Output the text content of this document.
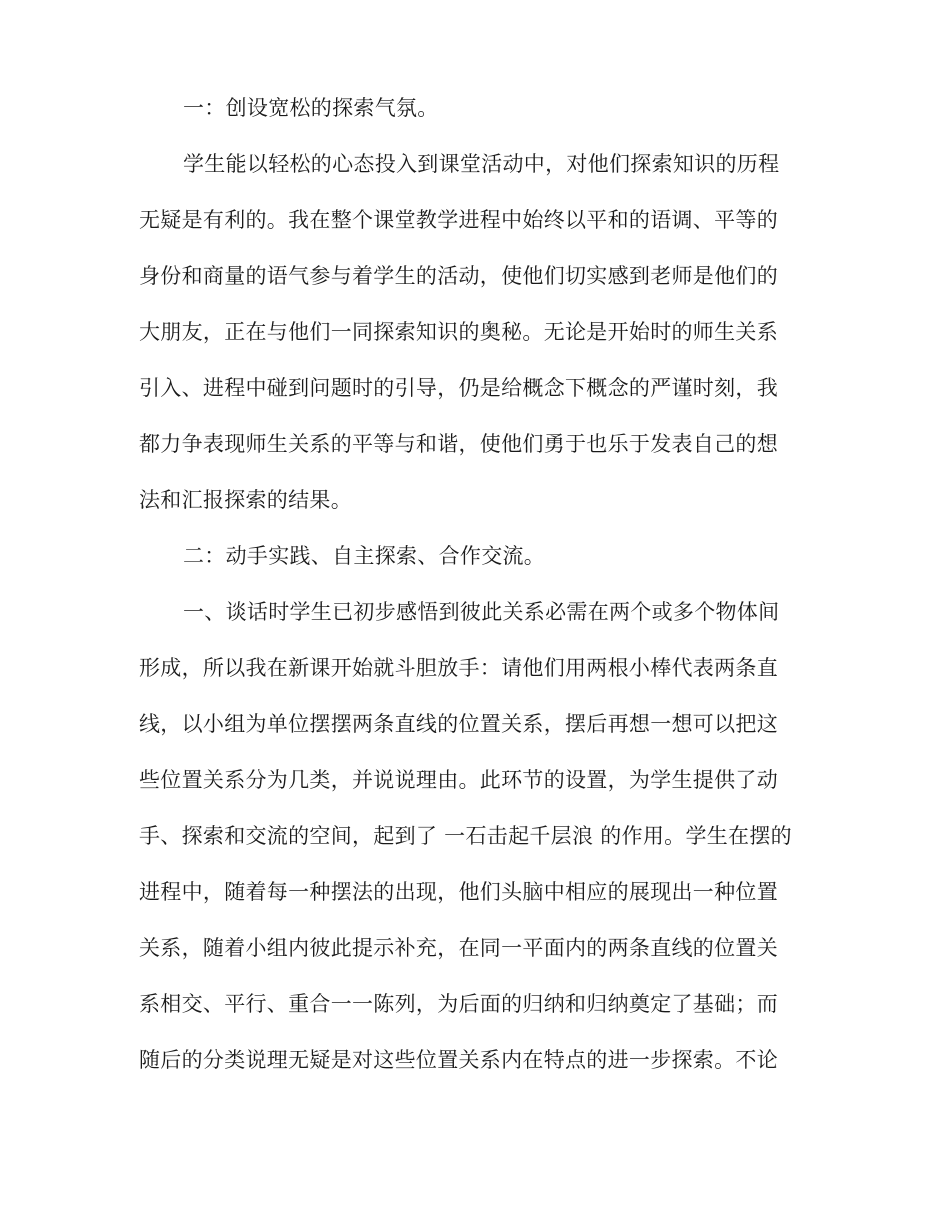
一：创设宽松的探索气氛。
学生能以轻松的心态投入到课堂活动中，对他们探索知识的历程
无疑是有利的。我在整个课堂教学进程中始终以平和的语调、平等的
身份和商量的语气参与着学生的活动，使他们切实感到老师是他们的
大朋友，正在与他们一同探索知识的奥秘。无论是开始时的师生关系
引入、进程中碰到问题时的引导，仍是给概念下概念的严谨时刻，我
都力争表现师生关系的平等与和谐，使他们勇于也乐于发表自己的想
法和汇报探索的结果。
二：动手实践、自主探索、合作交流。
一、谈话时学生已初步感悟到彼此关系必需在两个或多个物体间
形成，所以我在新课开始就斗胆放手：请他们用两根小棒代表两条直
线，以小组为单位摆摆两条直线的位置关系，摆后再想一想可以把这
些位置关系分为几类，并说说理由。此环节的设置，为学生提供了动
手、探索和交流的空间，起到了 一石击起千层浪 的作用。学生在摆的
进程中，随着每一种摆法的出现，他们头脑中相应的展现出一种位置
关系，随着小组内彼此提示补充，在同一平面内的两条直线的位置关
系相交、平行、重合一一陈列，为后面的归纳和归纳奠定了基础；而
随后的分类说理无疑是对这些位置关系内在特点的进一步探索。不论
